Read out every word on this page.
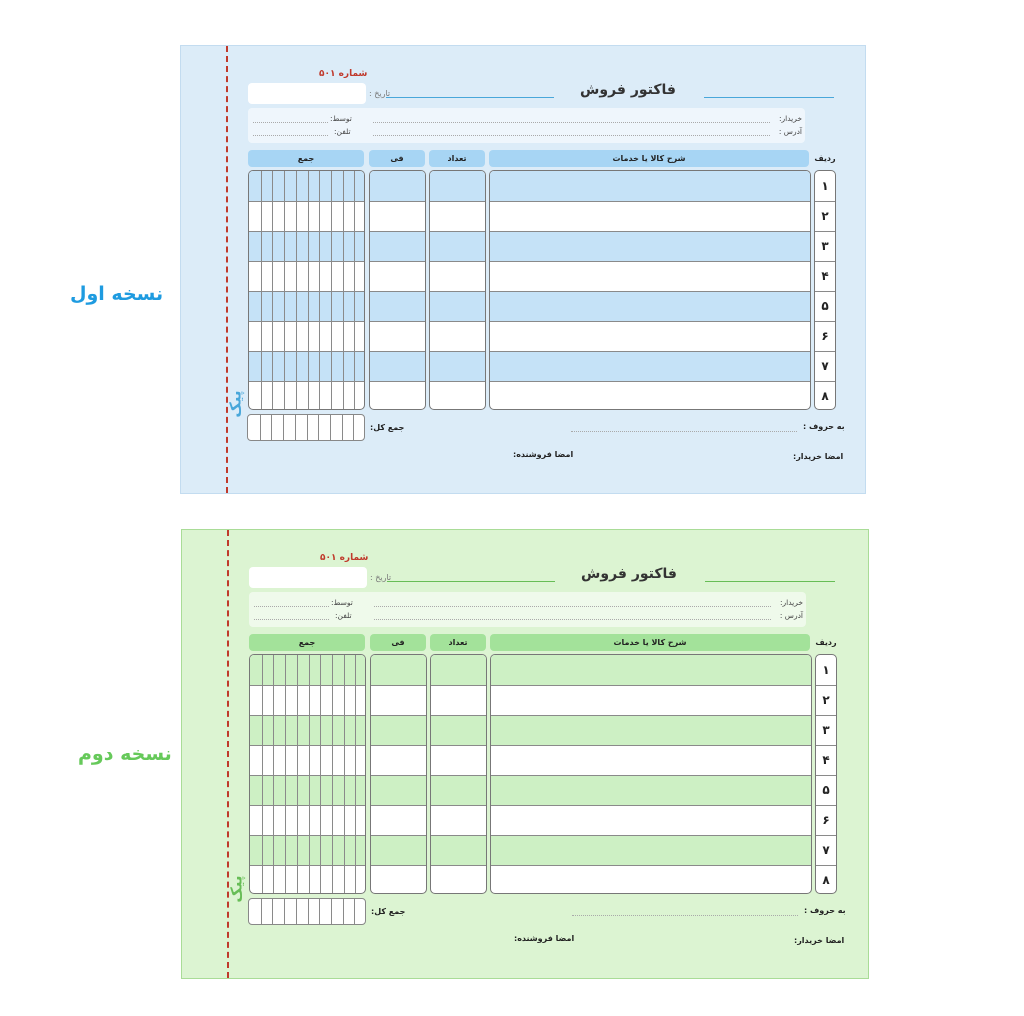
نسخه اول
نسخه دوم
پیک
فاکتور فروش
شماره ۵۰۱
تاریخ :
خریدار:
آدرس :
توسط:
تلفن:
جمع	فی	تعداد	شرح کالا یا خدمات	ردیف
۱
۲
۳
۴
۵
۶
۷
۸
جمع کل:	به حروف :
امضا خریدار:
امضا فروشنده:
پیک
فاکتور فروش
شماره ۵۰۱
تاریخ :
خریدار:
آدرس :
توسط:
تلفن:
جمع	فی	تعداد	شرح کالا یا خدمات	ردیف
۱
۲
۳
۴
۵
۶
۷
۸
جمع کل:	به حروف :
امضا خریدار:
امضا فروشنده:
